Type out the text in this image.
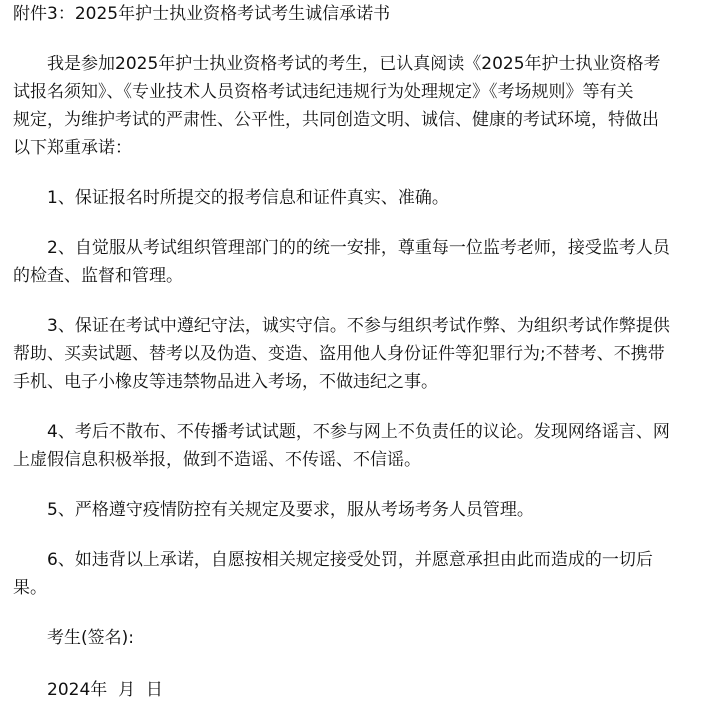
附件3：2025年护士执业资格考试考生诚信承诺书
我是参加2025年护士执业资格考试的考生，已认真阅读《2025年护士执业资格考
试报名须知》、《专业技术人员资格考试违纪违规行为处理规定》《考场规则》等有关
规定，为维护考试的严肃性、公平性，共同创造文明、诚信、健康的考试环境，特做出
以下郑重承诺：
1、保证报名时所提交的报考信息和证件真实、准确。
2、自觉服从考试组织管理部门的的统一安排，尊重每一位监考老师，接受监考人员
的检查、监督和管理。
3、保证在考试中遵纪守法，诚实守信。不参与组织考试作弊、为组织考试作弊提供
帮助、买卖试题、替考以及伪造、变造、盗用他人身份证件等犯罪行为;不替考、不携带
手机、电子小橡皮等违禁物品进入考场，不做违纪之事。
4、考后不散布、不传播考试试题，不参与网上不负责任的议论。发现网络谣言、网
上虚假信息积极举报，做到不造谣、不传谣、不信谣。
5、严格遵守疫情防控有关规定及要求，服从考场考务人员管理。
6、如违背以上承诺，自愿按相关规定接受处罚，并愿意承担由此而造成的一切后
果。
考生(签名):
2024年  月  日
